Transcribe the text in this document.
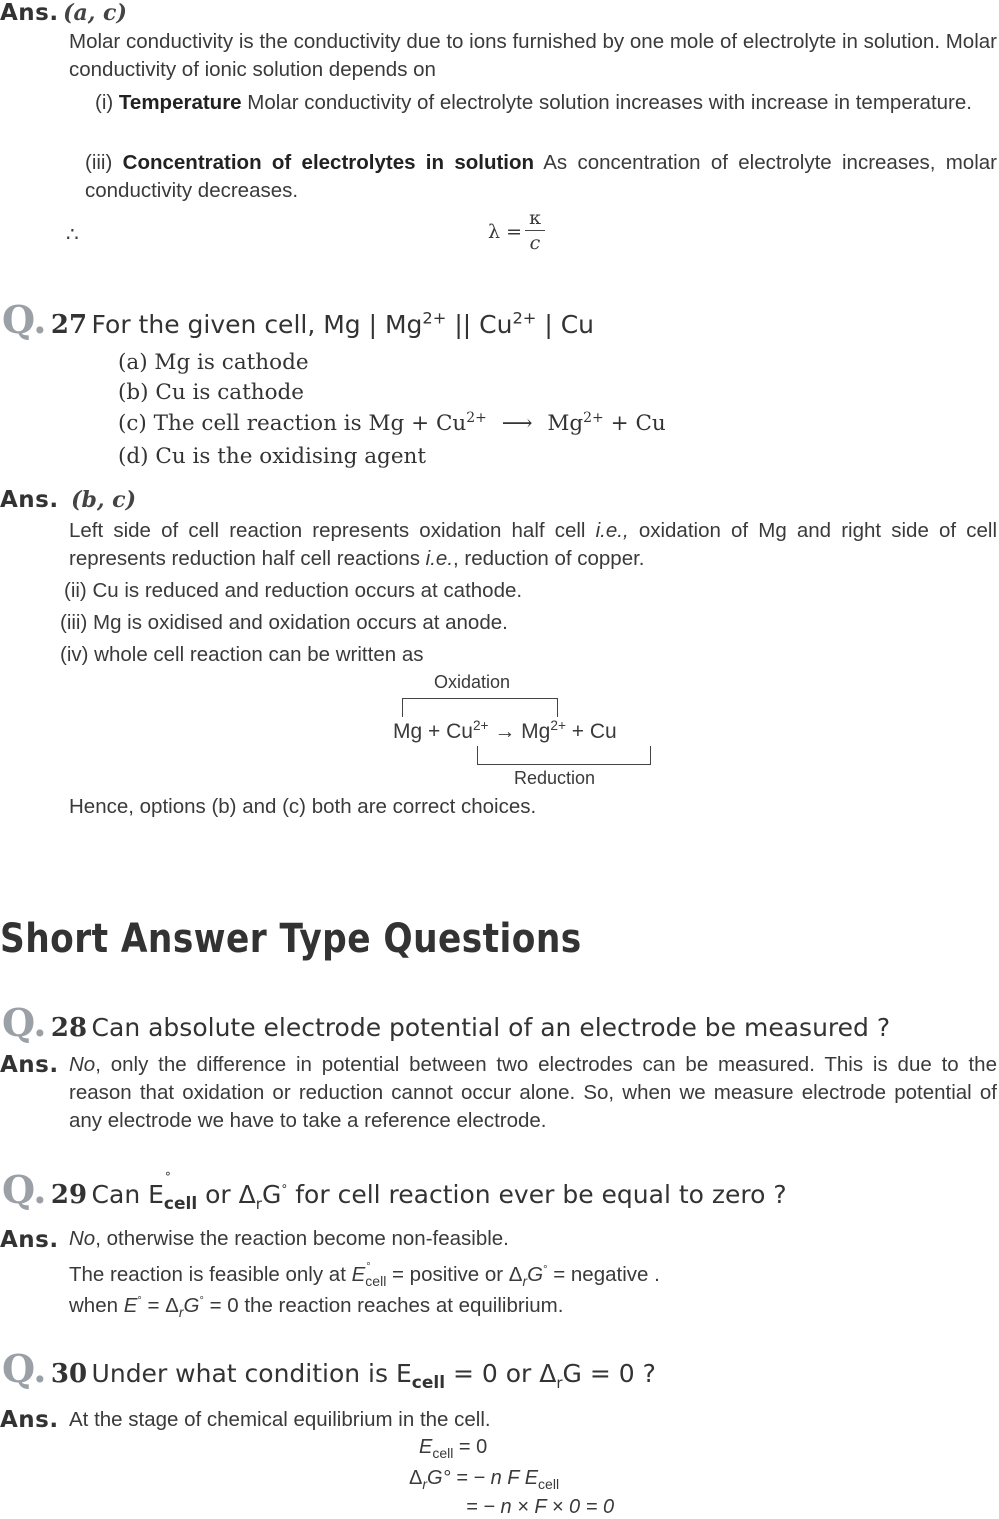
Ans. (a, c)
Molar conductivity is the conductivity due to ions furnished by one mole of electrolyte in solution. Molar conductivity of ionic solution depends on
(i) Temperature Molar conductivity of electrolyte solution increases with increase in temperature.
(iii) Concentration of electrolytes in solution As concentration of electrolyte increases, molar conductivity decreases.
∴	λ =
κ
c
Q. 27 For the given cell, Mg | $Mg^{2+}$ || $Cu^{2+}$ | Cu
(a) Mg is cathode
(b) Cu is cathode
(c) The cell reaction is $Mg + Cu^{2+}$ ⟶ $Mg^{2+} + Cu$
(d) Cu is the oxidising agent
Ans. (b, c)
Left side of cell reaction represents oxidation half cell i.e., oxidation of Mg and right side of cell represents reduction half cell reactions i.e., reduction of copper.
(ii) Cu is reduced and reduction occurs at cathode.
(iii) Mg is oxidised and oxidation occurs at anode.
(iv) whole cell reaction can be written as
Oxidation
$Mg + Cu^{2+} \to Mg^{2+} + Cu$
Reduction
Hence, options (b) and (c) both are correct choices.
Short Answer Type Questions
Q. 28 Can absolute electrode potential of an electrode be measured ?
Ans. No, only the difference in potential between two electrodes can be measured. This is due to the reason that oxidation or reduction cannot occur alone. So, when we measure electrode potential of any electrode we have to take a reference electrode.
Q. 29 Can E
°
$_{cell}$ or $\Delta_rG^\circ$ for cell reaction ever be equal to zero ?
Ans. No, otherwise the reaction become non-feasible.
The reaction is feasible only at E °
$_{cell}$ = positive or $\Delta_rG^\circ$ = negative .
when $E^\circ = \Delta_rG^\circ = 0$ the reaction reaches at equilibrium.
Q. 30 Under what condition is $E_{cell} = 0$ or $\Delta_rG = 0$ ?
Ans. At the stage of chemical equilibrium in the cell.
$E_{cell} = 0$
$\Delta_rG^\circ$ = − n F $E_{cell}$
= − n × F × 0 = 0
